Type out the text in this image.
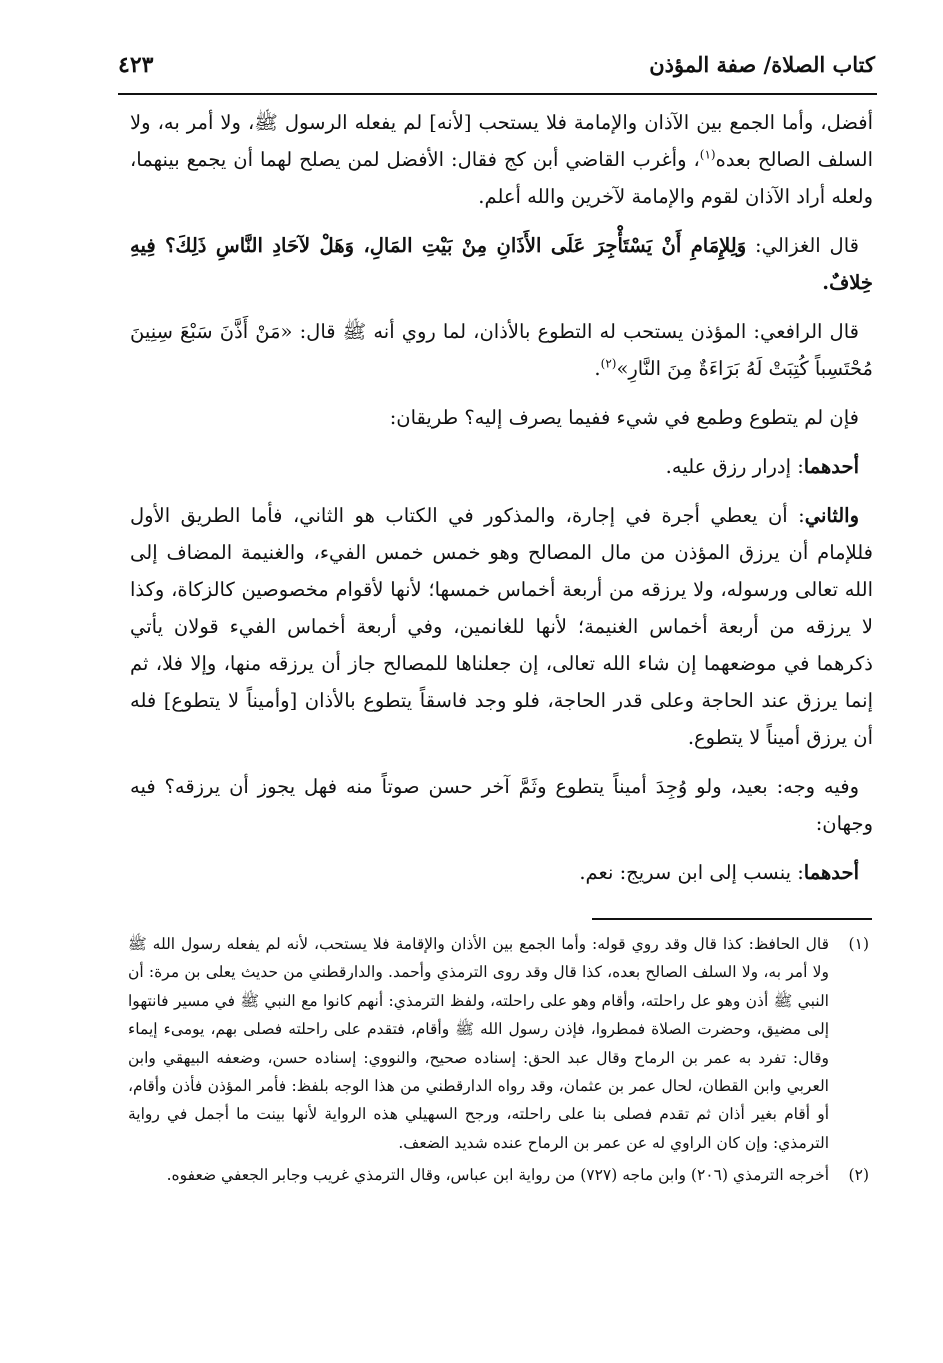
كتاب الصلاة/ صفة المؤذن
٤٢٣

أفضل، وأما الجمع بين الآذان والإمامة فلا يستحب [لأنه] لم يفعله الرسول ﷺ، ولا أمر به، ولا السلف الصالح بعده$^{(١)}$، وأغرب القاضي أبن كج فقال: الأفضل لمن يصلح لهما أن يجمع بينهما، ولعله أراد الآذان لقوم والإمامة لآخرين والله أعلم.

قال الغزالي: وَلِلإِمَامِ أَنْ يَسْتَأْجِرَ عَلَى الأَذَانِ مِنْ بَيْتِ المَالِ، وَهَلْ لآحَادِ النَّاسِ ذَلِكَ؟ فِيهِ خِلافٌ.

قال الرافعي: المؤذن يستحب له التطوع بالأذان، لما روي أنه ﷺ قال: «مَنْ أَذَّنَ سَبْعَ سِنِينَ مُحْتَسِباً كُتِبَتْ لَهُ بَرَاءَةٌ مِنَ النَّارِ»$^{(٢)}$.

فإن لم يتطوع وطمع في شيء ففيما يصرف إليه؟ طريقان:

أحدهما: إدرار رزق عليه.

والثاني: أن يعطي أجرة في إجارة، والمذكور في الكتاب هو الثاني، فأما الطريق الأول فللإمام أن يرزق المؤذن من مال المصالح وهو خمس خمس الفيء، والغنيمة المضاف إلى الله تعالى ورسوله، ولا يرزقه من أربعة أخماس خمسها؛ لأنها لأقوام مخصوصين كالزكاة، وكذا لا يرزقه من أربعة أخماس الغنيمة؛ لأنها للغانمين، وفي أربعة أخماس الفيء قولان يأتي ذكرهما في موضعهما إن شاء الله تعالى، إن جعلناها للمصالح جاز أن يرزقه منها، وإلا فلا، ثم إنما يرزق عند الحاجة وعلى قدر الحاجة، فلو وجد فاسقاً يتطوع بالأذان [وأميناً لا يتطوع] فله أن يرزق أميناً لا يتطوع.

وفيه وجه: بعيد، ولو وُجِدَ أميناً يتطوع وثَمَّ آخر حسن صوتاً منه فهل يجوز أن يرزقه؟ فيه وجهان:

أحدهما: ينسب إلى ابن سريج: نعم.

(١)
قال الحافظ: كذا قال وقد روي قوله: وأما الجمع بين الأذان والإقامة فلا يستحب، لأنه لم يفعله رسول الله ﷺ ولا أمر به، ولا السلف الصالح بعده، كذا قال وقد روى الترمذي وأحمد. والدارقطني من حديث يعلى بن مرة: أن النبي ﷺ أذن وهو عل راحلته، وأقام وهو على راحلته، ولفظ الترمذي: أنهم كانوا مع النبي ﷺ في مسير فانتهوا إلى مضيق، وحضرت الصلاة فمطروا، فإذن رسول الله ﷺ وأقام، فتقدم على راحلته فصلى بهم، يومىء إيماء وقال: تفرد به عمر بن الرماح وقال عبد الحق: إسناده صحيح، والنووي: إسناده حسن، وضعفه البيهقي وابن العربي وابن القطان، لحال عمر بن عثمان، وقد رواه الدارقطني من هذا الوجه بلفظ: فأمر المؤذن فأذن وأقام، أو أقام بغير أذان ثم تقدم فصلى بنا على راحلته، ورجح السهيلي هذه الرواية لأنها بينت ما أجمل في رواية الترمذي: وإن كان الراوي له عن عمر بن الرماح عنده شديد الضعف.
(٢)
أخرجه الترمذي (٢٠٦) وابن ماجه (٧٢٧) من رواية ابن عباس، وقال الترمذي غريب وجابر الجعفي ضعفوه.
